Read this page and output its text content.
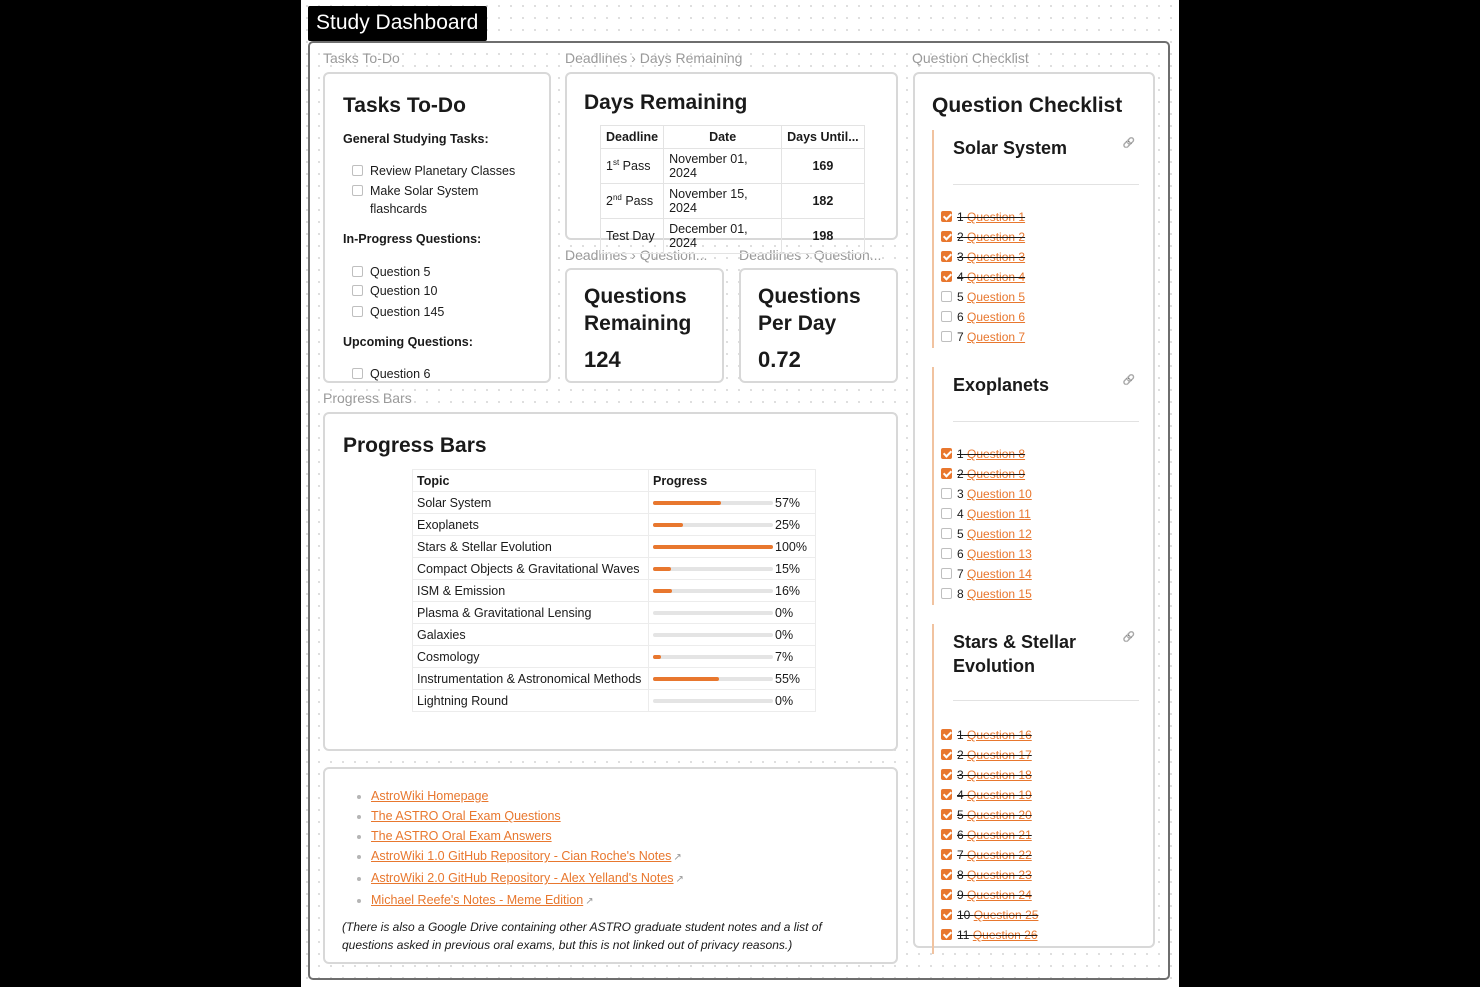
Study Dashboard
Tasks To-Do	Deadlines › Days Remaining	Question Checklist
Deadlines › Question... Deadlines › Question...
Progress Bars
Tasks To-Do
General Studying Tasks:
Review Planetary Classes
Make Solar System flashcards
In-Progress Questions:
Question 5
Question 10
Question 145
Upcoming Questions:
Question 6
Days Remaining
Deadline	Date	Days Until...
1st Pass	November 01, 2024	169
2nd Pass	November 15, 2024	182
Test Day	December 01, 2024	198
Questions Remaining
124
Questions Per Day
0.72
Progress Bars
Topic	Progress
Solar System	57%
Exoplanets	25%
Stars & Stellar Evolution	100%
Compact Objects & Gravitational Waves	15%
ISM & Emission	16%
Plasma & Gravitational Lensing	0%
Galaxies	0%
Cosmology	7%
Instrumentation & Astronomical Methods	55%
Lightning Round	0%
• AstroWiki Homepage
• The ASTRO Oral Exam Questions
• The ASTRO Oral Exam Answers
• AstroWiki 1.0 GitHub Repository - Cian Roche's Notes ↗
• AstroWiki 2.0 GitHub Repository - Alex Yelland's Notes ↗
• Michael Reefe's Notes - Meme Edition ↗
(There is also a Google Drive containing other ASTRO graduate student notes and a list of questions asked in previous oral exams, but this is not linked out of privacy reasons.)
Question Checklist
Solar System	🔗
1 Question 1
2 Question 2
3 Question 3
4 Question 4
5 Question 5
6 Question 6
7 Question 7
Exoplanets	🔗
1 Question 8
2 Question 9
3 Question 10
4 Question 11
5 Question 12
6 Question 13
7 Question 14
8 Question 15
Stars & Stellar Evolution
🔗
1 Question 16
2 Question 17
3 Question 18
4 Question 19
5 Question 20
6 Question 21
7 Question 22
8 Question 23
9 Question 24
10 Question 25
11 Question 26
